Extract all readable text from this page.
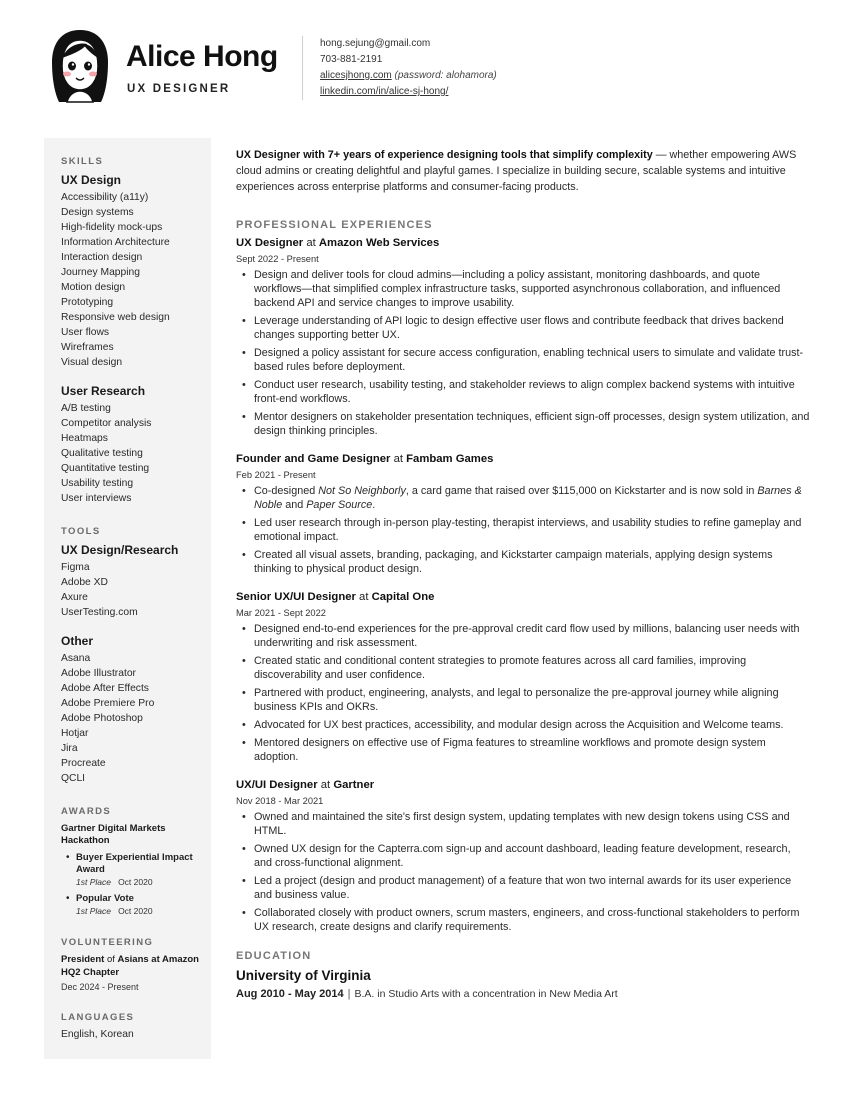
Alice Hong
UX DESIGNER
hong.sejung@gmail.com
703-881-2191
alicesjhong.com (password: alohamora)
linkedin.com/in/alice-sj-hong/
SKILLS
UX Design
Accessibility (a11y)
Design systems
High-fidelity mock-ups
Information Architecture
Interaction design
Journey Mapping
Motion design
Prototyping
Responsive web design
User flows
Wireframes
Visual design
User Research
A/B testing
Competitor analysis
Heatmaps
Qualitative testing
Quantitative testing
Usability testing
User interviews
TOOLS
UX Design/Research
Figma
Adobe XD
Axure
UserTesting.com
Other
Asana
Adobe Illustrator
Adobe After Effects
Adobe Premiere Pro
Adobe Photoshop
Hotjar
Jira
Procreate
QCLI
AWARDS
Gartner Digital Markets Hackathon
• Buyer Experiential Impact Award
1st Place Oct 2020
• Popular Vote
1st Place Oct 2020
VOLUNTEERING
President of Asians at Amazon HQ2 Chapter
Dec 2024 - Present
LANGUAGES
English, Korean

UX Designer with 7+ years of experience designing tools that simplify complexity — whether empowering AWS cloud admins or creating delightful and playful games. I specialize in building secure, scalable systems and intuitive experiences across enterprise platforms and consumer-facing products.

PROFESSIONAL EXPERIENCES
UX Designer at Amazon Web Services
Sept 2022 - Present
• Design and deliver tools for cloud admins—including a policy assistant, monitoring dashboards, and quote workflows—that simplified complex infrastructure tasks, supported asynchronous collaboration, and influenced backend API and service changes to improve usability.
• Leverage understanding of API logic to design effective user flows and contribute feedback that drives backend changes supporting better UX.
• Designed a policy assistant for secure access configuration, enabling technical users to simulate and validate trust-based rules before deployment.
• Conduct user research, usability testing, and stakeholder reviews to align complex backend systems with intuitive front-end workflows.
• Mentor designers on stakeholder presentation techniques, efficient sign-off processes, design system utilization, and design thinking principles.
Founder and Game Designer at Fambam Games
Feb 2021 - Present
• Co-designed Not So Neighborly, a card game that raised over $115,000 on Kickstarter and is now sold in Barnes & Noble and Paper Source.
• Led user research through in-person play-testing, therapist interviews, and usability studies to refine gameplay and emotional impact.
• Created all visual assets, branding, packaging, and Kickstarter campaign materials, applying design systems thinking to physical product design.
Senior UX/UI Designer at Capital One
Mar 2021 - Sept 2022
• Designed end-to-end experiences for the pre-approval credit card flow used by millions, balancing user needs with underwriting and risk assessment.
• Created static and conditional content strategies to promote features across all card families, improving discoverability and user confidence.
• Partnered with product, engineering, analysts, and legal to personalize the pre-approval journey while aligning business KPIs and OKRs.
• Advocated for UX best practices, accessibility, and modular design across the Acquisition and Welcome teams.
• Mentored designers on effective use of Figma features to streamline workflows and promote design system adoption.
UX/UI Designer at Gartner
Nov 2018 - Mar 2021
• Owned and maintained the site's first design system, updating templates with new design tokens using CSS and HTML.
• Owned UX design for the Capterra.com sign-up and account dashboard, leading feature development, research, and cross-functional alignment.
• Led a project (design and product management) of a feature that won two internal awards for its user experience and business value.
• Collaborated closely with product owners, scrum masters, engineers, and cross-functional stakeholders to perform UX research, create designs and clarify requirements.
EDUCATION
University of Virginia
Aug 2010 - May 2014 | B.A. in Studio Arts with a concentration in New Media Art
